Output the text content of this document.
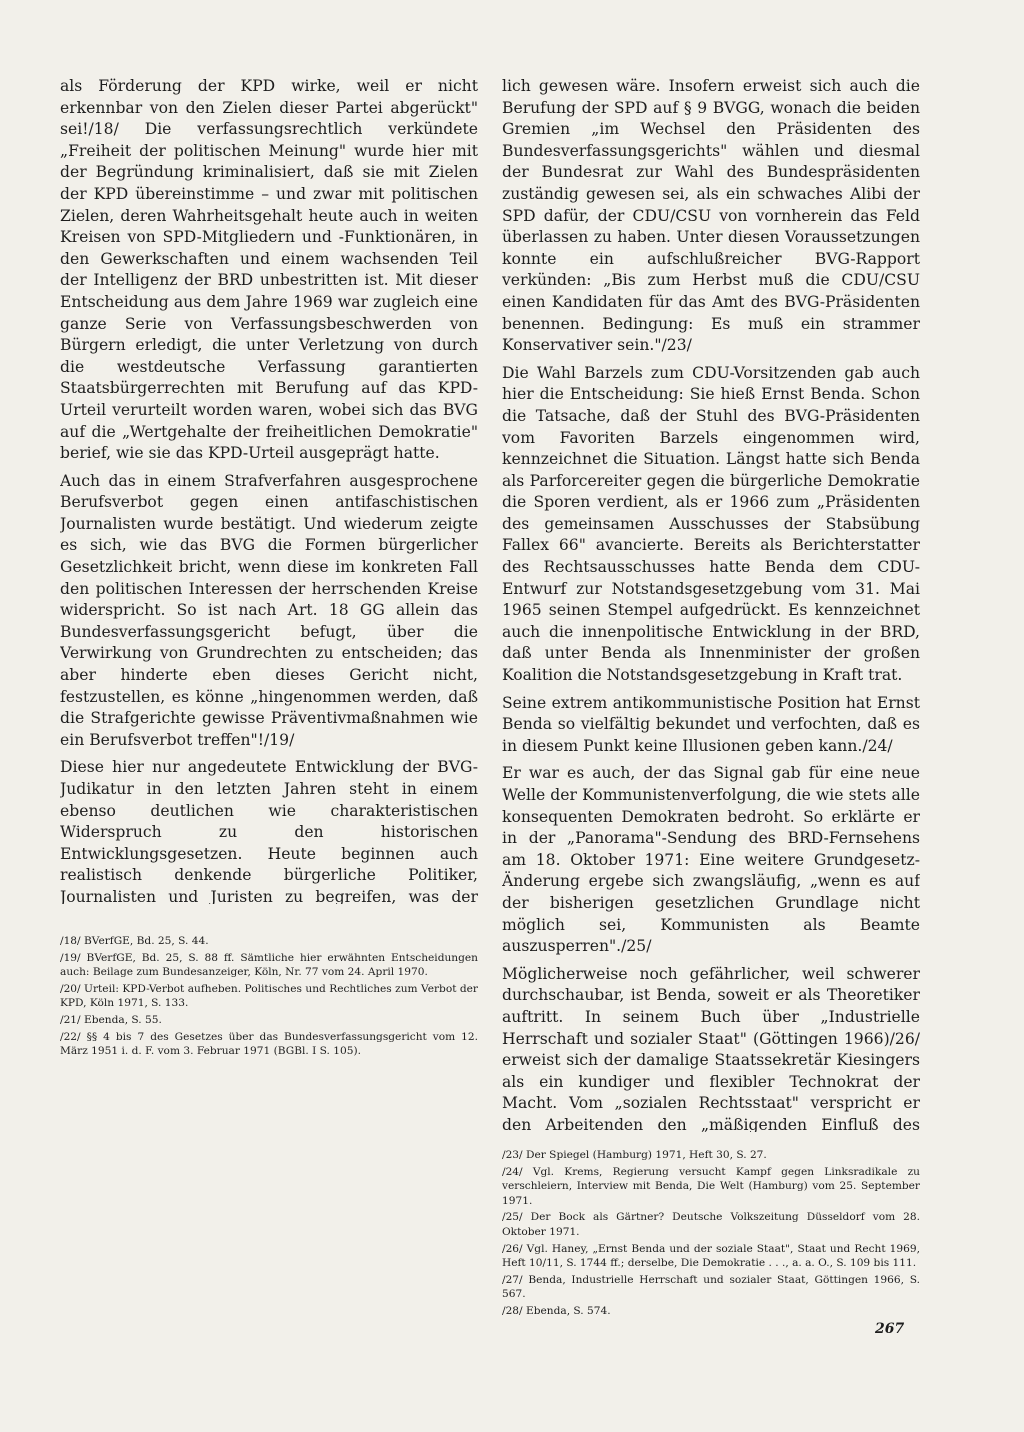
als Förderung der KPD wirke, weil er nicht erkennbar von den Zielen dieser Partei abgerückt" sei!/18/ Die verfassungsrechtlich verkündete „Freiheit der politischen Meinung" wurde hier mit der Begründung kriminalisiert, daß sie mit Zielen der KPD übereinstimme – und zwar mit politischen Zielen, deren Wahrheitsgehalt heute auch in weiten Kreisen von SPD-Mitgliedern und -Funktionären, in den Gewerkschaften und einem wachsenden Teil der Intelligenz der BRD unbestritten ist. Mit dieser Entscheidung aus dem Jahre 1969 war zugleich eine ganze Serie von Verfassungsbeschwerden von Bürgern erledigt, die unter Verletzung von durch die westdeutsche Verfassung garantierten Staatsbürgerrechten mit Berufung auf das KPD-Urteil verurteilt worden waren, wobei sich das BVG auf die „Wertgehalte der freiheitlichen Demokratie" berief, wie sie das KPD-Urteil ausgeprägt hatte.

Auch das in einem Strafverfahren ausgesprochene Berufsverbot gegen einen antifaschistischen Journalisten wurde bestätigt. Und wiederum zeigte es sich, wie das BVG die Formen bürgerlicher Gesetzlichkeit bricht, wenn diese im konkreten Fall den politischen Interessen der herrschenden Kreise widerspricht. So ist nach Art. 18 GG allein das Bundesverfassungsgericht befugt, über die Verwirkung von Grundrechten zu entscheiden; das aber hinderte eben dieses Gericht nicht, festzustellen, es könne „hingenommen werden, daß die Strafgerichte gewisse Präventivmaßnahmen wie ein Berufsverbot treffen"!/19/

Diese hier nur angedeutete Entwicklung der BVG-Judikatur in den letzten Jahren steht in einem ebenso deutlichen wie charakteristischen Widerspruch zu den historischen Entwicklungsgesetzen. Heute beginnen auch realistisch denkende bürgerliche Politiker, Journalisten und Juristen zu begreifen, was der

/18/ BVerfGE, Bd. 25, S. 44.
/19/ BVerfGE, Bd. 25, S. 88 ff. Sämtliche hier erwähnten Entscheidungen auch: Beilage zum Bundesanzeiger, Köln, Nr. 77 vom 24. April 1970.
/20/ Urteil: KPD-Verbot aufheben. Politisches und Rechtliches zum Verbot der KPD, Köln 1971, S. 133.
/21/ Ebenda, S. 55.
/22/ §§ 4 bis 7 des Gesetzes über das Bundesverfassungsgericht vom 12. März 1951 i. d. F. vom 3. Februar 1971 (BGBl. I S. 105).

lich gewesen wäre. Insofern erweist sich auch die Berufung der SPD auf § 9 BVGG, wonach die beiden Gremien „im Wechsel den Präsidenten des Bundesverfassungsgerichts" wählen und diesmal der Bundesrat zur Wahl des Bundespräsidenten zuständig gewesen sei, als ein schwaches Alibi der SPD dafür, der CDU/CSU von vornherein das Feld überlassen zu haben. Unter diesen Voraussetzungen konnte ein aufschlußreicher BVG-Rapport verkünden: „Bis zum Herbst muß die CDU/CSU einen Kandidaten für das Amt des BVG-Präsidenten benennen. Bedingung: Es muß ein strammer Konservativer sein."/23/

Die Wahl Barzels zum CDU-Vorsitzenden gab auch hier die Entscheidung: Sie hieß Ernst Benda. Schon die Tatsache, daß der Stuhl des BVG-Präsidenten vom Favoriten Barzels eingenommen wird, kennzeichnet die Situation. Längst hatte sich Benda als Parforcereiter gegen die bürgerliche Demokratie die Sporen verdient, als er 1966 zum „Präsidenten des gemeinsamen Ausschusses der Stabsübung Fallex 66" avancierte. Bereits als Berichterstatter des Rechtsausschusses hatte Benda dem CDU-Entwurf zur Notstandsgesetzgebung vom 31. Mai 1965 seinen Stempel aufgedrückt. Es kennzeichnet auch die innenpolitische Entwicklung in der BRD, daß unter Benda als Innenminister der großen Koalition die Notstandsgesetzgebung in Kraft trat.

Seine extrem antikommunistische Position hat Ernst Benda so vielfältig bekundet und verfochten, daß es in diesem Punkt keine Illusionen geben kann./24/

Er war es auch, der das Signal gab für eine neue Welle der Kommunistenverfolgung, die wie stets alle konsequenten Demokraten bedroht. So erklärte er in der „Panorama"-Sendung des BRD-Fernsehens am 18. Oktober 1971: Eine weitere Grundgesetz-Änderung ergebe sich zwangsläufig, „wenn es auf der bisherigen gesetzlichen Grundlage nicht möglich sei, Kommunisten als Beamte auszusperren"./25/

Möglicherweise noch gefährlicher, weil schwerer durchschaubar, ist Benda, soweit er als Theoretiker auftritt. In seinem Buch über „Industrielle Herrschaft und sozialer Staat" (Göttingen 1966)/26/ erweist sich der damalige Staatssekretär Kiesingers als ein kundiger und flexibler Technokrat der Macht. Vom „sozialen Rechtsstaat" verspricht er den Arbeitenden den „mäßigenden Einfluß des

/23/ Der Spiegel (Hamburg) 1971, Heft 30, S. 27.
/24/ Vgl. Krems, Regierung versucht Kampf gegen Linksradikale zu verschleiern, Interview mit Benda, Die Welt (Hamburg) vom 25. September 1971.
/25/ Der Bock als Gärtner? Deutsche Volkszeitung Düsseldorf vom 28. Oktober 1971.
/26/ Vgl. Haney, „Ernst Benda und der soziale Staat", Staat und Recht 1969, Heft 10/11, S. 1744 ff.; derselbe, Die Demokratie . . ., a. a. O., S. 109 bis 111.
/27/ Benda, Industrielle Herrschaft und sozialer Staat, Göttingen 1966, S. 567.
/28/ Ebenda, S. 574.
267
